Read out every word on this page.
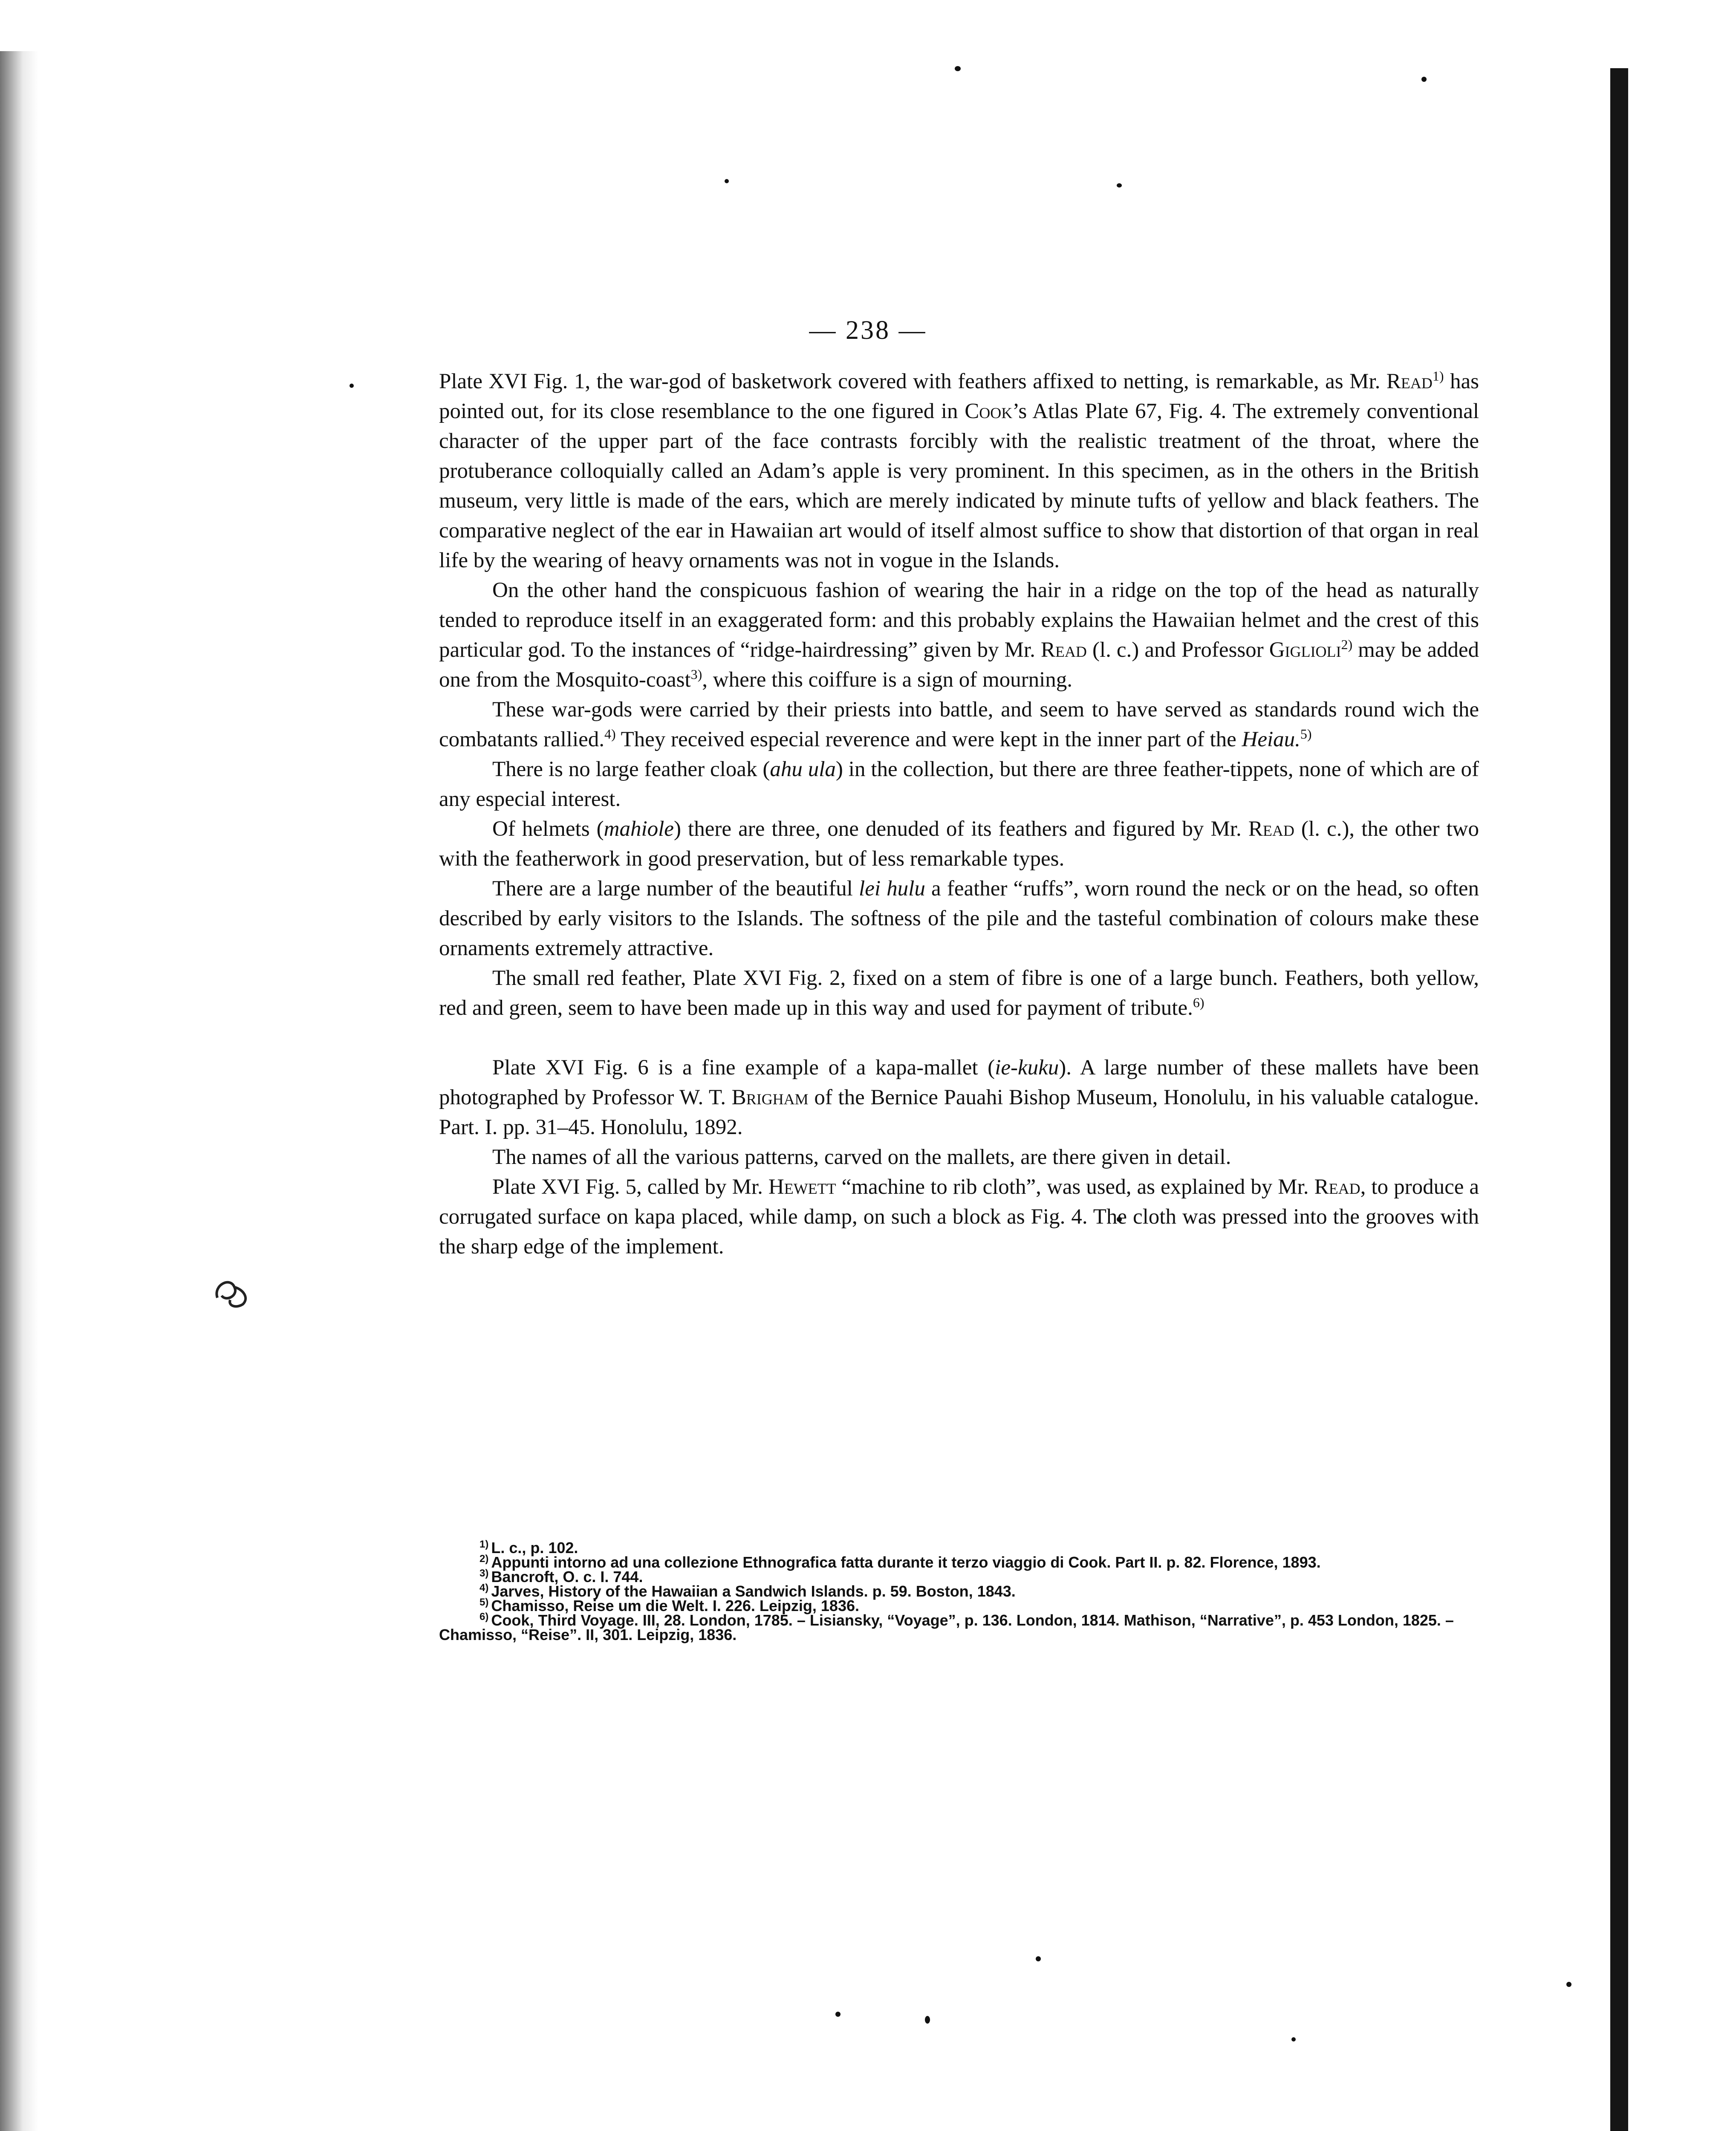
— 238 —

Plate XVI Fig. 1, the war-god of basketwork covered with feathers affixed to netting, is remarkable, as Mr. Read$^{1)}$ has pointed out, for its close resemblance to the one figured in Cook’s Atlas Plate 67, Fig. 4. The extremely conventional character of the upper part of the face contrasts forcibly with the realistic treatment of the throat, where the protuberance colloquially called an Adam’s apple is very prominent. In this specimen, as in the others in the British museum, very little is made of the ears, which are merely indicated by minute tufts of yellow and black feathers. The comparative neglect of the ear in Hawaiian art would of itself almost suffice to show that distortion of that organ in real life by the wearing of heavy ornaments was not in vogue in the Islands.

On the other hand the conspicuous fashion of wearing the hair in a ridge on the top of the head as naturally tended to reproduce itself in an exaggerated form: and this probably explains the Hawaiian helmet and the crest of this particular god. To the instances of “ridge-hairdressing” given by Mr. Read (l. c.) and Professor Giglioli$^{2)}$ may be added one from the Mosquito-coast$^{3)}$, where this coiffure is a sign of mourning.

These war-gods were carried by their priests into battle, and seem to have served as standards round wich the combatants rallied.$^{4)}$ They received especial reverence and were kept in the inner part of the Heiau.$^{5)}$

There is no large feather cloak (ahu ula) in the collection, but there are three feather-tippets, none of which are of any especial interest.

Of helmets (mahiole) there are three, one denuded of its feathers and figured by Mr. Read (l. c.), the other two with the featherwork in good preservation, but of less remarkable types.

There are a large number of the beautiful lei hulu a feather “ruffs”, worn round the neck or on the head, so often described by early visitors to the Islands. The softness of the pile and the tasteful combination of colours make these ornaments extremely attractive.

The small red feather, Plate XVI Fig. 2, fixed on a stem of fibre is one of a large bunch. Feathers, both yellow, red and green, seem to have been made up in this way and used for payment of tribute.$^{6)}$

Plate XVI Fig. 6 is a fine example of a kapa-mallet (ie-kuku). A large number of these mallets have been photographed by Professor W. T. Brigham of the Bernice Pauahi Bishop Museum, Honolulu, in his valuable catalogue. Part. I. pp. 31–45. Honolulu, 1892.

The names of all the various patterns, carved on the mallets, are there given in detail.

Plate XVI Fig. 5, called by Mr. Hewett “machine to rib cloth”, was used, as explained by Mr. Read, to produce a corrugated surface on kapa placed, while damp, on such a block as Fig. 4. The cloth was pressed into the grooves with the sharp edge of the implement.

$^{1)}$ L. c., p. 102.

$^{2)}$ Appunti intorno ad una collezione Ethnografica fatta durante it terzo viaggio di Cook. Part II. p. 82. Florence, 1893.

$^{3)}$ Bancroft, O. c. I. 744.

$^{4)}$ Jarves, History of the Hawaiian a Sandwich Islands. p. 59. Boston, 1843.

$^{5)}$ Chamisso, Reise um die Welt. I. 226. Leipzig, 1836.

$^{6)}$ Cook, Third Voyage. III, 28. London, 1785. – Lisiansky, “Voyage”, p. 136. London, 1814. Mathison, “Narrative”, p. 453 London, 1825. – Chamisso, “Reise”. II, 301. Leipzig, 1836.
